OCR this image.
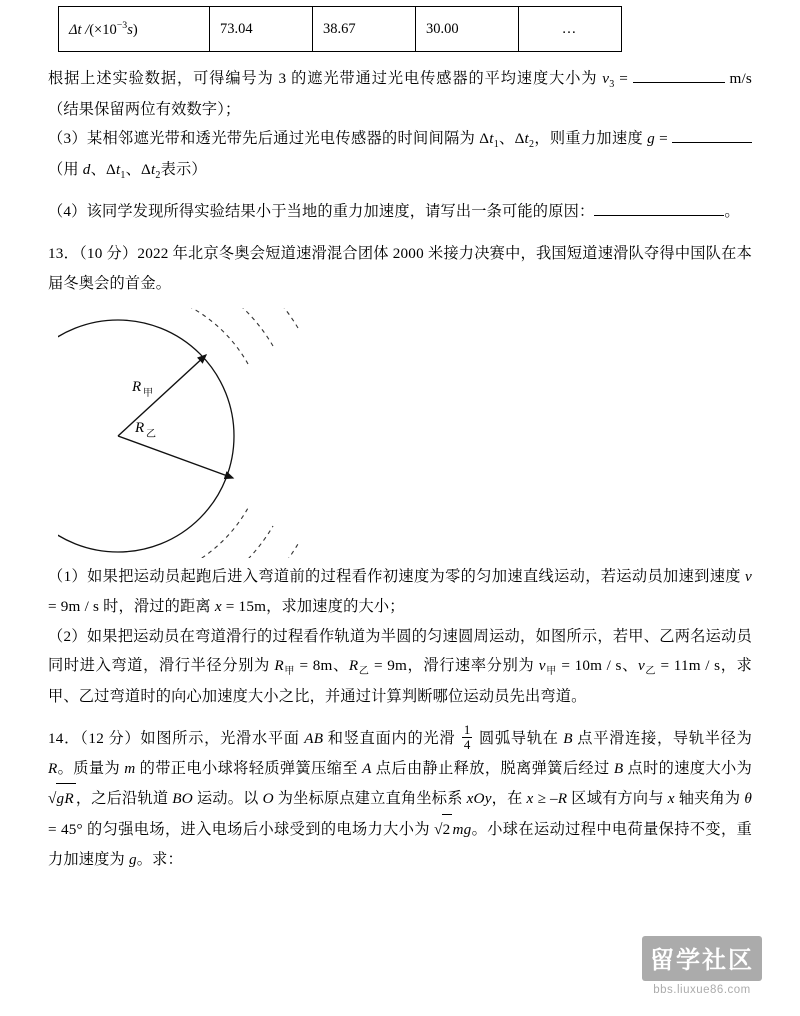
Δt $/(\times 10^{-3}s)$	73.04	38.67	30.00	…

根据上述实验数据，可得编号为 3 的遮光带通过光电传感器的平均速度大小为 $v_3$ =	m/s（结果保留两位有效数字）；

（3）某相邻遮光带和透光带先后通过光电传感器的时间间隔为 $\Delta t_1$、$\Delta t_2$，则重力加速度 g = （用 d、$\Delta t_1$、$\Delta t_2$表示）

（4）该同学发现所得实验结果小于当地的重力加速度，请写出一条可能的原因：	。

13．（10 分）2022 年北京冬奥会短道速滑混合团体 2000 米接力决赛中，我国短道速滑队夺得中国队在本届冬奥会的首金。

R 甲
R 乙

（1）如果把运动员起跑后进入弯道前的过程看作初速度为零的匀加速直线运动，若运动员加速到速度 v = 9m / s 时，滑过的距离 x = 15m，求加速度的大小；

（2）如果把运动员在弯道滑行的过程看作轨道为半圆的匀速圆周运动，如图所示，若甲、乙两名运动员同时进入弯道，滑行半径分别为 $R_甲 = 8m$、$R_乙 = 9m$，滑行速率分别为 $v_甲 = 10m / s$、$v_乙 = 11m / s$，求甲、乙过弯道时的向心加速度大小之比，并通过计算判断哪位运动员先出弯道。

14．（12 分）如图所示，光滑水平面 AB 和竖直面内的光滑 $\frac{1}{4}$ 圆弧导轨在 B 点平滑连接，导轨半径为 R。质量为 m 的带正电小球将轻质弹簧压缩至 A 点后由静止释放，脱离弹簧后经过 B 点时的速度大小为 √gR ，之后沿轨道 BO 运动。以 O 为坐标原点建立直角坐标系 xOy，在 x ≥ –R 区域有方向与 x 轴夹角为 θ = 45° 的匀强电场，进入电场后小球受到的电场力大小为 √2 mg。小球在运动过程中电荷量保持不变，重力加速度为 g。求：

留学社区
bbs.liuxue86.com
